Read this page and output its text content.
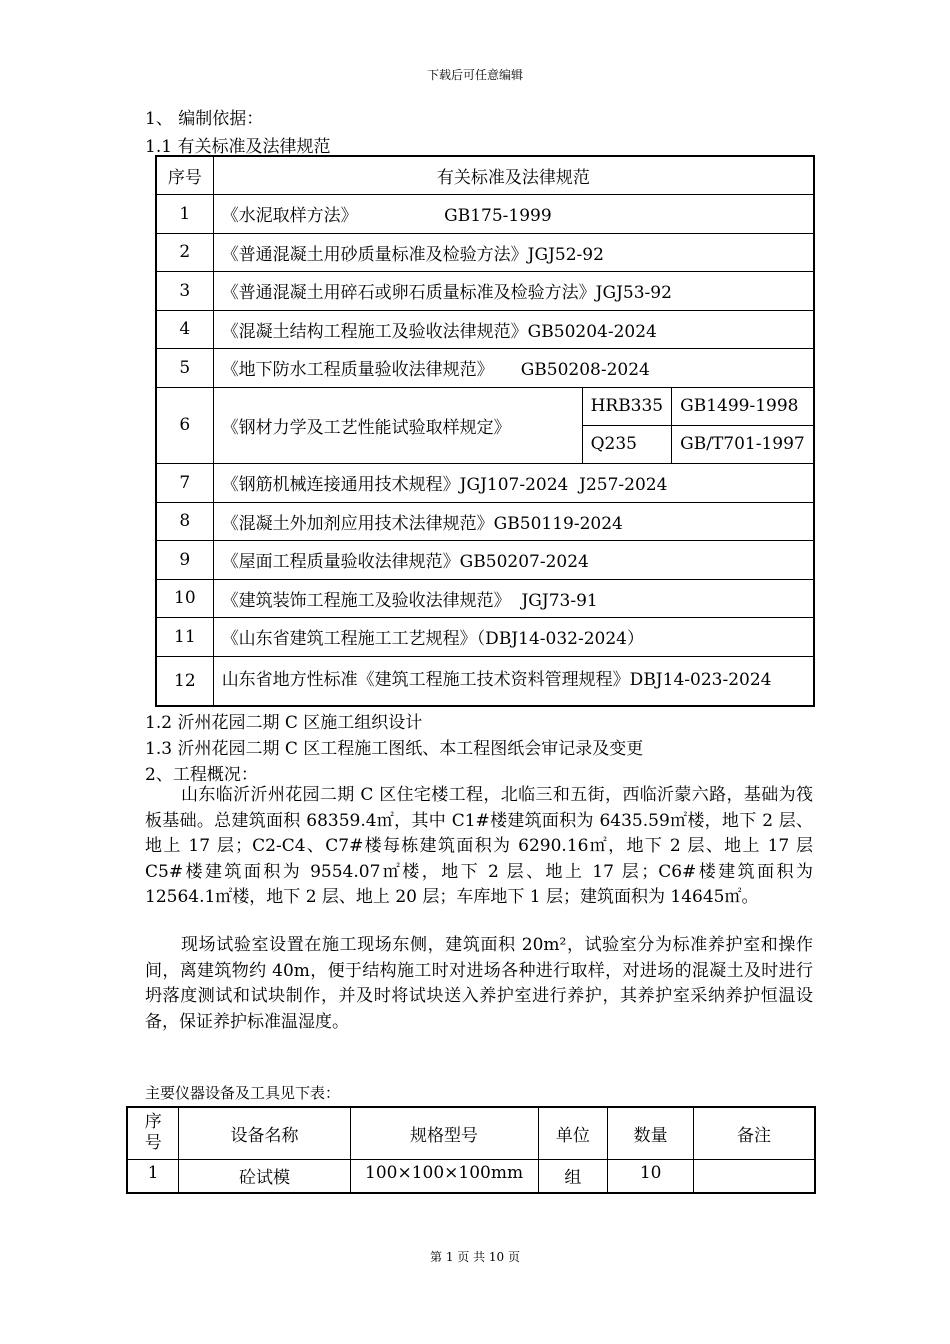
下载后可任意编辑
1、 编制依据：
1.1 有关标准及法律规范
序号	有关标准及法律规范		
1	《水泥取样方法》                GB175-1999		
2	《普通混凝土用砂质量标准及检验方法》JGJ52-92		
3	《普通混凝土用碎石或卵石质量标准及检验方法》JGJ53-92		
4	《混凝土结构工程施工及验收法律规范》GB50204-2024		
5	《地下防水工程质量验收法律规范》     GB50208-2024		
6	《钢材力学及工艺性能试验取样规定》	HRB335	GB1499-1998
		Q235	GB/T701-1997
7	《钢筋机械连接通用技术规程》JGJ107-2024  J257-2024		
8	《混凝土外加剂应用技术法律规范》GB50119-2024		
9	《屋面工程质量验收法律规范》GB50207-2024		
10	《建筑装饰工程施工及验收法律规范》  JGJ73-91		
11	《山东省建筑工程施工工艺规程》（DBJ14-032-2024）		
12	山东省地方性标准《建筑工程施工技术资料管理规程》DBJ14-023-2024		
1.2 沂州花园二期 C 区施工组织设计
1.3 沂州花园二期 C 区工程施工图纸、本工程图纸会审记录及变更
2、工程概况：
山东临沂沂州花园二期 C 区住宅楼工程，北临三和五街，西临沂蒙六路，基础为筏板基础。总建筑面积 68359.4㎡，其中 C1#楼建筑面积为 6435.59㎡楼，地下 2 层、地上 17 层；C2-C4、C7#楼每栋建筑面积为 6290.16㎡，地下 2 层、地上 17 层 C5#楼建筑面积为 9554.07㎡楼，地下 2 层、地上 17 层；C6#楼建筑面积为 12564.1㎡楼，地下 2 层、地上 20 层；车库地下 1 层；建筑面积为 14645㎡。
现场试验室设置在施工现场东侧，建筑面积 20m²，试验室分为标准养护室和操作间，离建筑物约 40m，便于结构施工时对进场各种进行取样，对进场的混凝土及时进行坍落度测试和试块制作，并及时将试块送入养护室进行养护，其养护室采纳养护恒温设备，保证养护标准温湿度。
主要仪器设备及工具见下表：
序号	设备名称	规格型号	单位	数量	备注
1	砼试模	100×100×100mm	组	10	
第 1 页 共 10 页
